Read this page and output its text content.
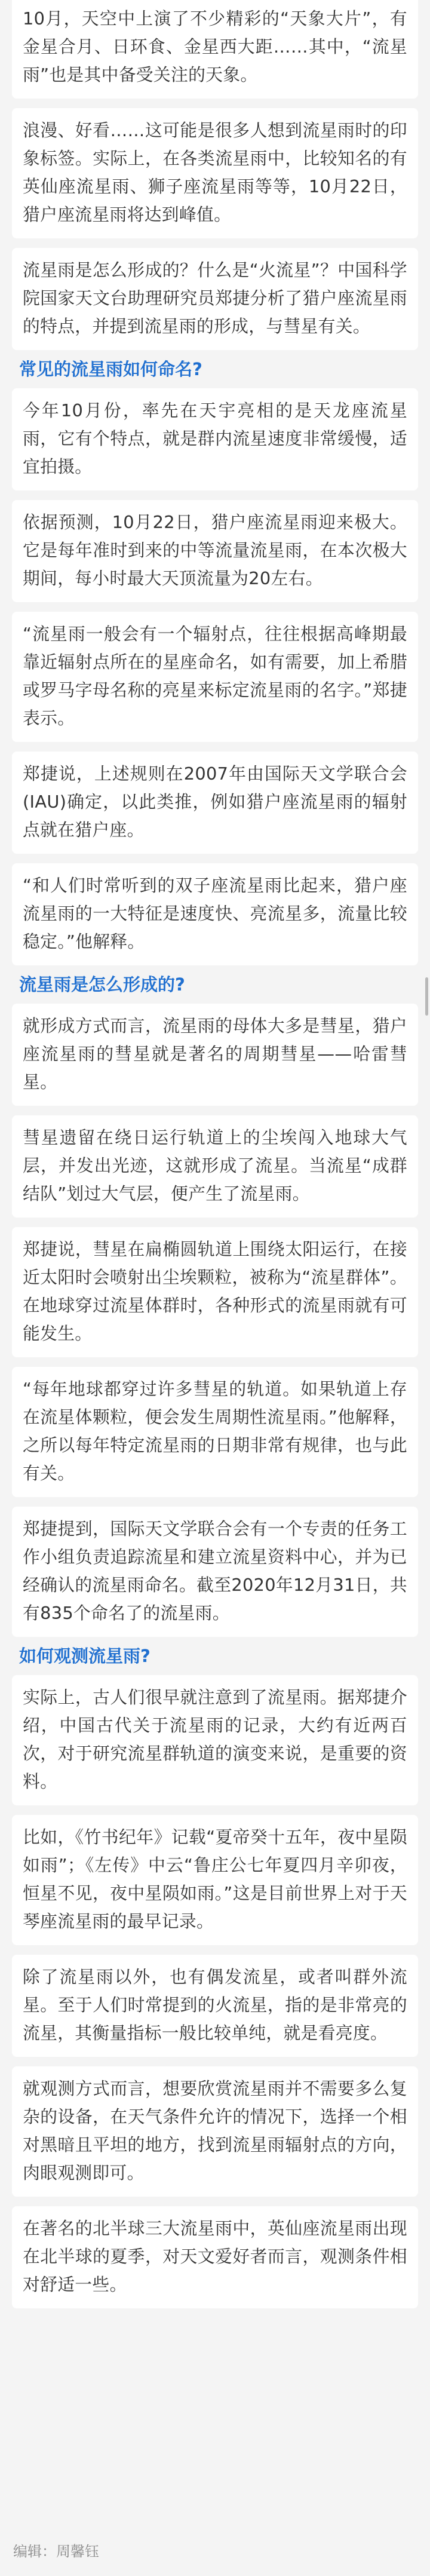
10月，天空中上演了不少精彩的“天象大片”，有金星合月、日环食、金星西大距……其中，“流星雨”也是其中备受关注的天象。

浪漫、好看……这可能是很多人想到流星雨时的印象标签。实际上，在各类流星雨中，比较知名的有英仙座流星雨、狮子座流星雨等等，10月22日，猎户座流星雨将达到峰值。

流星雨是怎么形成的？什么是“火流星”？中国科学院国家天文台助理研究员郑捷分析了猎户座流星雨的特点，并提到流星雨的形成，与彗星有关。

常见的流星雨如何命名?

今年10月份，率先在天宇亮相的是天龙座流星雨，它有个特点，就是群内流星速度非常缓慢，适宜拍摄。

依据预测，10月22日，猎户座流星雨迎来极大。它是每年准时到来的中等流量流星雨，在本次极大期间，每小时最大天顶流量为20左右。

“流星雨一般会有一个辐射点，往往根据高峰期最靠近辐射点所在的星座命名，如有需要，加上希腊或罗马字母名称的亮星来标定流星雨的名字。”郑捷表示。

郑捷说，上述规则在2007年由国际天文学联合会(IAU)确定，以此类推，例如猎户座流星雨的辐射点就在猎户座。

“和人们时常听到的双子座流星雨比起来，猎户座流星雨的一大特征是速度快、亮流星多，流量比较稳定。”他解释。

流星雨是怎么形成的?

就形成方式而言，流星雨的母体大多是彗星，猎户座流星雨的彗星就是著名的周期彗星——哈雷彗星。

彗星遗留在绕日运行轨道上的尘埃闯入地球大气层，并发出光迹，这就形成了流星。当流星“成群结队”划过大气层，便产生了流星雨。

郑捷说，彗星在扁椭圆轨道上围绕太阳运行，在接近太阳时会喷射出尘埃颗粒，被称为“流星群体”。在地球穿过流星体群时，各种形式的流星雨就有可能发生。

“每年地球都穿过许多彗星的轨道。如果轨道上存在流星体颗粒，便会发生周期性流星雨。”他解释，之所以每年特定流星雨的日期非常有规律，也与此有关。

郑捷提到，国际天文学联合会有一个专责的任务工作小组负责追踪流星和建立流星资料中心，并为已经确认的流星雨命名。截至2020年12月31日，共有835个命名了的流星雨。

如何观测流星雨?

实际上，古人们很早就注意到了流星雨。据郑捷介绍，中国古代关于流星雨的记录，大约有近两百次，对于研究流星群轨道的演变来说，是重要的资料。

比如，《竹书纪年》记载“夏帝癸十五年，夜中星陨如雨”；《左传》中云“鲁庄公七年夏四月辛卯夜，恒星不见，夜中星陨如雨。”这是目前世界上对于天琴座流星雨的最早记录。

除了流星雨以外，也有偶发流星，或者叫群外流星。至于人们时常提到的火流星，指的是非常亮的流星，其衡量指标一般比较单纯，就是看亮度。

就观测方式而言，想要欣赏流星雨并不需要多么复杂的设备，在天气条件允许的情况下，选择一个相对黑暗且平坦的地方，找到流星雨辐射点的方向，肉眼观测即可。

在著名的北半球三大流星雨中，英仙座流星雨出现在北半球的夏季，对天文爱好者而言，观测条件相对舒适一些。

编辑：周馨钰
